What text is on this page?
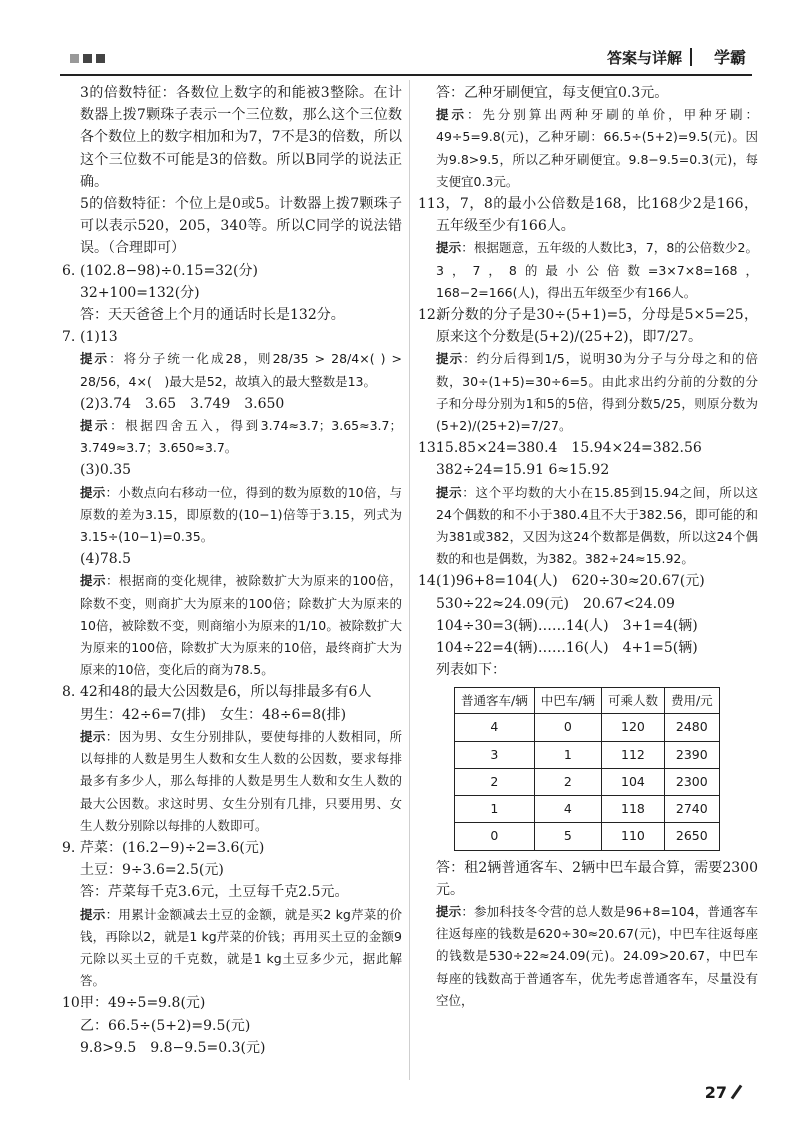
答案与详解 学霸

3的倍数特征：各数位上数字的和能被3整除。在计数器上拨7颗珠子表示一个三位数，那么这个三位数各个数位上的数字相加和为7，7不是3的倍数，所以这个三位数不可能是3的倍数。所以B同学的说法正确。

5的倍数特征：个位上是0或5。计数器上拨7颗珠子可以表示520，205，340等。所以C同学的说法错误。（合理即可）

6. (102.8−98)÷0.15=32(分)

32+100=132(分)

答：天天爸爸上个月的通话时长是132分。

7. (1)13

提示：将分子统一化成28，则28/35 > 28/4×( ) > 28/56，4×(　)最大是52，故填入的最大整数是13。

(2)3.74　3.65　3.749　3.650

提示：根据四舍五入，得到3.74≈3.7；3.65≈3.7；3.749≈3.7；3.650≈3.7。

(3)0.35

提示：小数点向右移动一位，得到的数为原数的10倍，与原数的差为3.15，即原数的(10−1)倍等于3.15，列式为3.15÷(10−1)=0.35。

(4)78.5

提示：根据商的变化规律，被除数扩大为原来的100倍，除数不变，则商扩大为原来的100倍；除数扩大为原来的10倍，被除数不变，则商缩小为原来的1/10。被除数扩大为原来的100倍，除数扩大为原来的10倍，最终商扩大为原来的10倍，变化后的商为78.5。

8. 42和48的最大公因数是6，所以每排最多有6人

男生：42÷6=7(排)　女生：48÷6=8(排)

提示：因为男、女生分别排队，要使每排的人数相同，所以每排的人数是男生人数和女生人数的公因数，要求每排最多有多少人，那么每排的人数是男生人数和女生人数的最大公因数。求这时男、女生分别有几排，只要用男、女生人数分别除以每排的人数即可。

9. 芹菜：(16.2−9)÷2=3.6(元)

土豆：9÷3.6=2.5(元)

答：芹菜每千克3.6元，土豆每千克2.5元。

提示：用累计金额减去土豆的金额，就是买2 kg芹菜的价钱，再除以2，就是1 kg芹菜的价钱；再用买土豆的金额9元除以买土豆的千克数，就是1 kg土豆多少元，据此解答。

10.甲：49÷5=9.8(元)

乙：66.5÷(5+2)=9.5(元)

9.8>9.5　9.8−9.5=0.3(元)

答：乙种牙刷便宜，每支便宜0.3元。

提示：先分别算出两种牙刷的单价，甲种牙刷：49÷5=9.8(元)，乙种牙刷：66.5÷(5+2)=9.5(元)。因为9.8>9.5，所以乙种牙刷便宜。9.8−9.5=0.3(元)，每支便宜0.3元。

11.3，7，8的最小公倍数是168，比168少2是166，五年级至少有166人。

提示：根据题意，五年级的人数比3，7，8的公倍数少2。3，7，8的最小公倍数=3×7×8=168，168−2=166(人)，得出五年级至少有166人。

12.新分数的分子是30÷(5+1)=5，分母是5×5=25，原来这个分数是(5+2)/(25+2)，即7/27。

提示：约分后得到1/5，说明30为分子与分母之和的倍数，30÷(1+5)=30÷6=5。由此求出约分前的分数的分子和分母分别为1和5的5倍，得到分数5/25，则原分数为(5+2)/(25+2)=7/27。

13.15.85×24=380.4　15.94×24=382.56

382÷24=15.91 6≈15.92

提示：这个平均数的大小在15.85到15.94之间，所以这24个偶数的和不小于380.4且不大于382.56，即可能的和为381或382，又因为这24个数都是偶数，所以这24个偶数的和也是偶数，为382。382÷24≈15.92。

14.(1)96+8=104(人)　620÷30≈20.67(元)

530÷22≈24.09(元)　20.67<24.09

104÷30=3(辆)……14(人)　3+1=4(辆)

104÷22=4(辆)……16(人)　4+1=5(辆)

列表如下：

普通客车/辆	中巴车/辆	可乘人数	费用/元
4	0	120	2480
3	1	112	2390
2	2	104	2300
1	4	118	2740
0	5	110	2650

答：租2辆普通客车、2辆中巴车最合算，需要2300元。

提示：参加科技冬令营的总人数是96+8=104，普通客车往返每座的钱数是620÷30≈20.67(元)，中巴车往返每座的钱数是530÷22≈24.09(元)。24.09>20.67，中巴车每座的钱数高于普通客车，优先考虑普通客车，尽量没有空位，

27
